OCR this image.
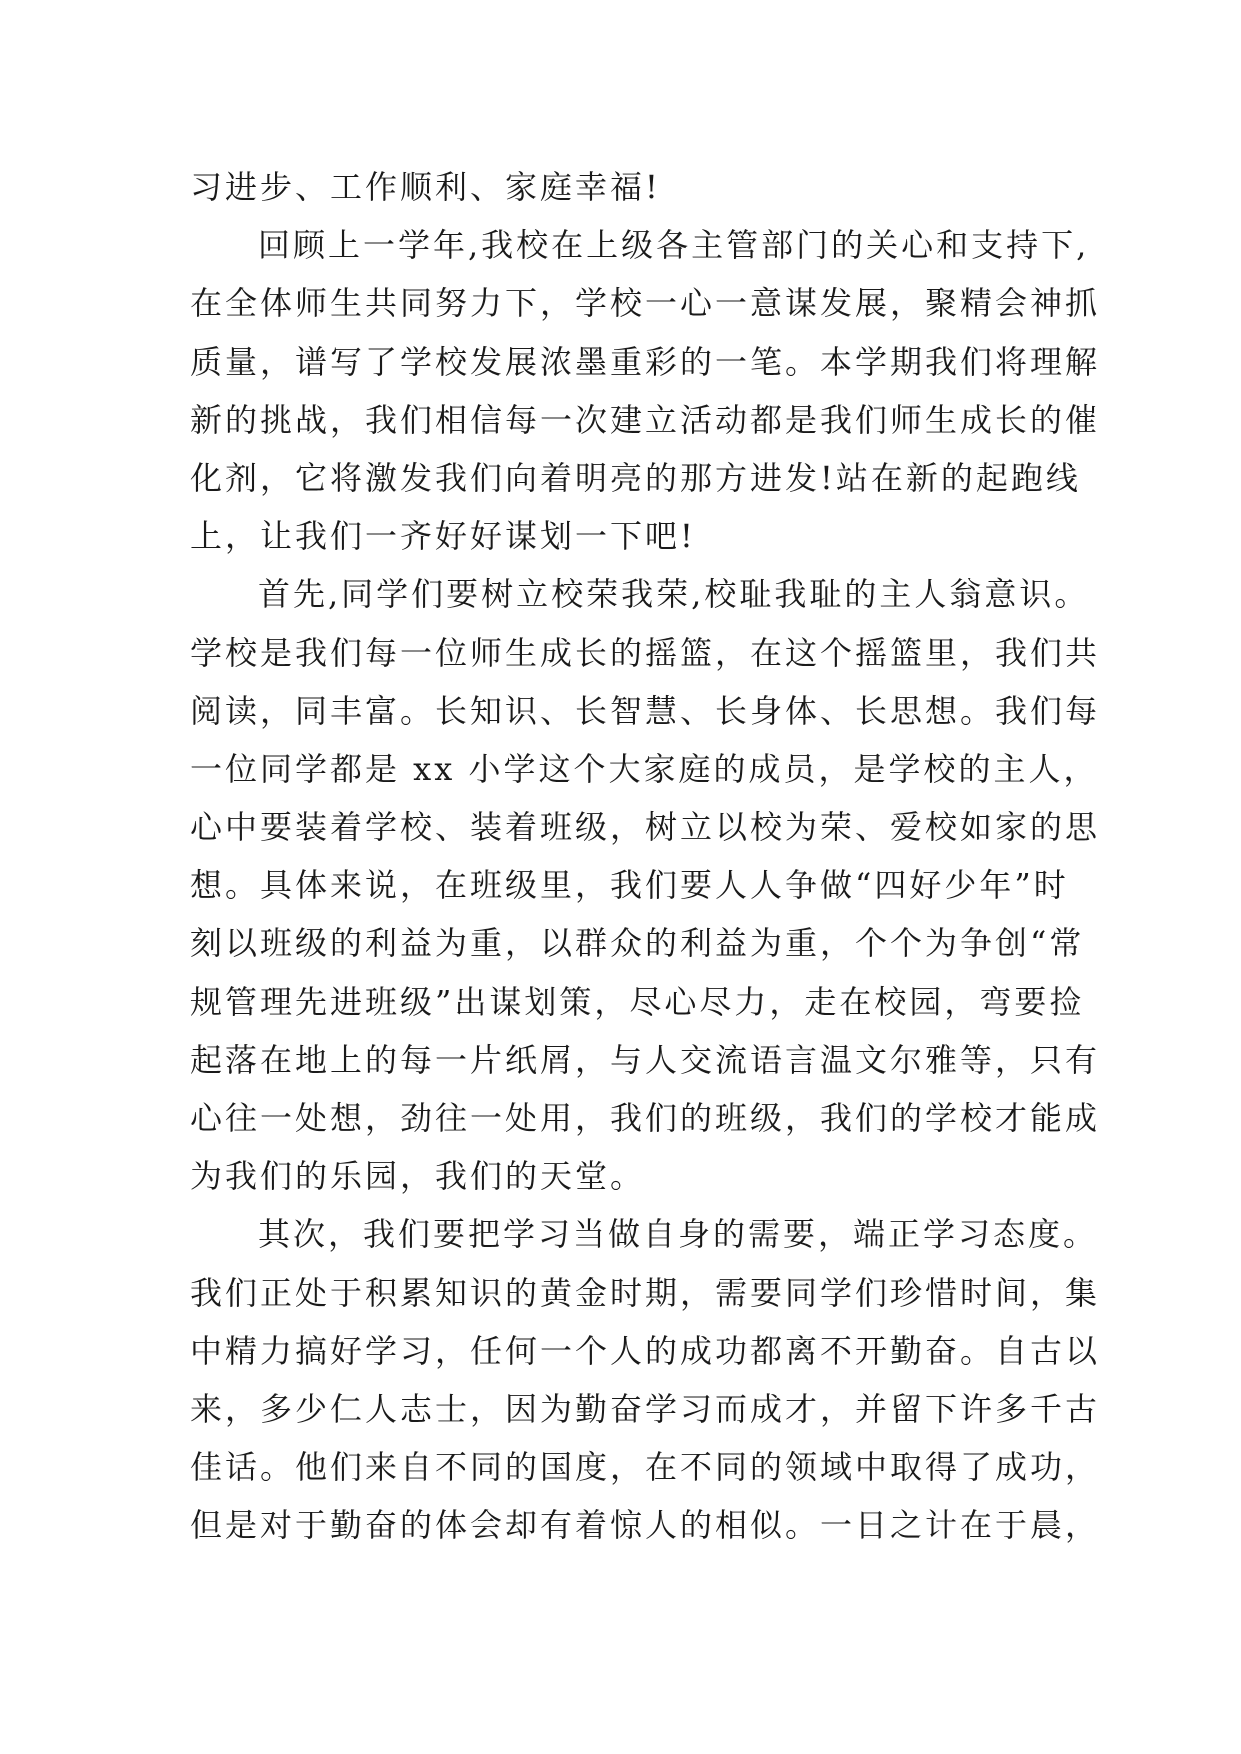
习进步、工作顺利、家庭幸福!
回顾上一学年,我校在上级各主管部门的关心和支持下,
在全体师生共同努力下，学校一心一意谋发展，聚精会神抓
质量，谱写了学校发展浓墨重彩的一笔。本学期我们将理解
新的挑战，我们相信每一次建立活动都是我们师生成长的催
化剂，它将激发我们向着明亮的那方进发!站在新的起跑线
上，让我们一齐好好谋划一下吧!
首先,同学们要树立校荣我荣,校耻我耻的主人翁意识。
学校是我们每一位师生成长的摇篮，在这个摇篮里，我们共
阅读，同丰富。长知识、长智慧、长身体、长思想。我们每
一位同学都是 xx 小学这个大家庭的成员，是学校的主人，
心中要装着学校、装着班级，树立以校为荣、爱校如家的思
想。具体来说，在班级里，我们要人人争做“四好少年”时
刻以班级的利益为重，以群众的利益为重，个个为争创“常
规管理先进班级”出谋划策，尽心尽力，走在校园，弯要捡
起落在地上的每一片纸屑，与人交流语言温文尔雅等，只有
心往一处想，劲往一处用，我们的班级，我们的学校才能成
为我们的乐园，我们的天堂。
其次，我们要把学习当做自身的需要，端正学习态度。
我们正处于积累知识的黄金时期，需要同学们珍惜时间，集
中精力搞好学习，任何一个人的成功都离不开勤奋。自古以
来，多少仁人志士，因为勤奋学习而成才，并留下许多千古
佳话。他们来自不同的国度，在不同的领域中取得了成功，
但是对于勤奋的体会却有着惊人的相似。一日之计在于晨，
